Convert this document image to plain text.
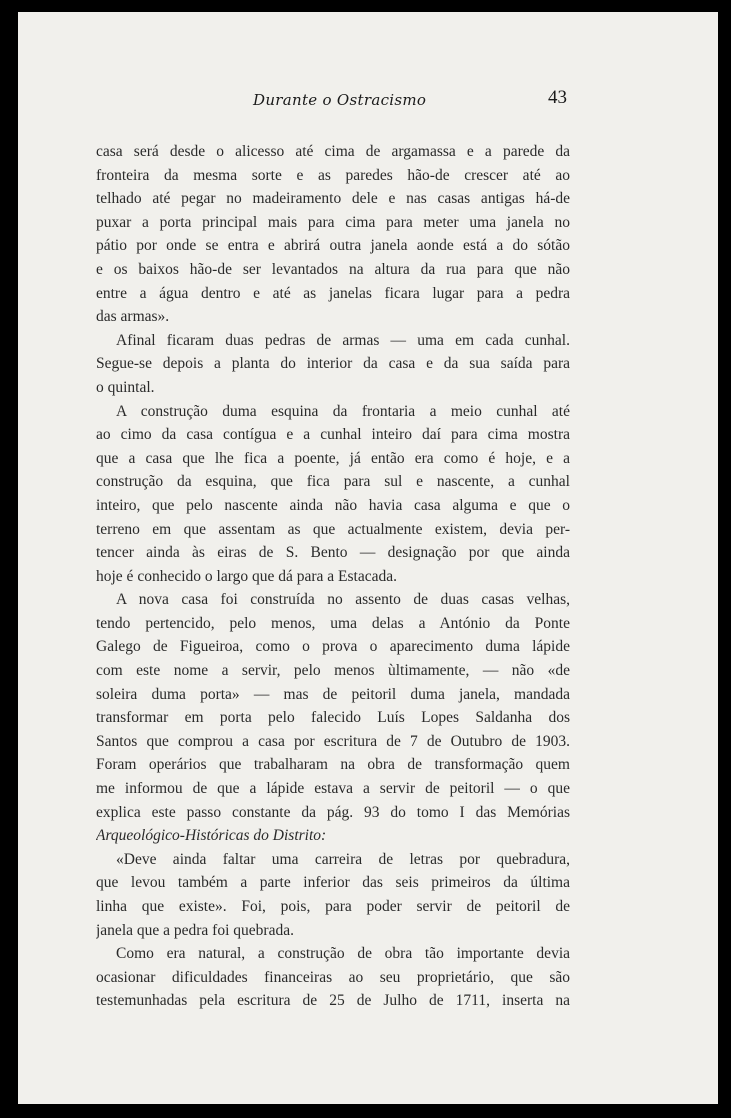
Durante o Ostracismo	43
casa será desde o alicesso até cima de argamassa e a parede da
fronteira da mesma sorte e as paredes hão-de crescer até ao
telhado até pegar no madeiramento dele e nas casas antigas há-de
puxar a porta principal mais para cima para meter uma janela no
pátio por onde se entra e abrirá outra janela aonde está a do sótão
e os baixos hão-de ser levantados na altura da rua para que não
entre a água dentro e até as janelas ficara lugar para a pedra
das armas».
Afinal ficaram duas pedras de armas — uma em cada cunhal.
Segue-se depois a planta do interior da casa e da sua saída para
o quintal.
A construção duma esquina da frontaria a meio cunhal até
ao cimo da casa contígua e a cunhal inteiro daí para cima mostra
que a casa que lhe fica a poente, já então era como é hoje, e a
construção da esquina, que fica para sul e nascente, a cunhal
inteiro, que pelo nascente ainda não havia casa alguma e que o
terreno em que assentam as que actualmente existem, devia per-
tencer ainda às eiras de S. Bento — designação por que ainda
hoje é conhecido o largo que dá para a Estacada.
A nova casa foi construída no assento de duas casas velhas,
tendo pertencido, pelo menos, uma delas a António da Ponte
Galego de Figueiroa, como o prova o aparecimento duma lápide
com este nome a servir, pelo menos ùltimamente, — não «de
soleira duma porta» — mas de peitoril duma janela, mandada
transformar em porta pelo falecido Luís Lopes Saldanha dos
Santos que comprou a casa por escritura de 7 de Outubro de 1903.
Foram operários que trabalharam na obra de transformação quem
me informou de que a lápide estava a servir de peitoril — o que
explica este passo constante da pág. 93 do tomo I das Memórias
Arqueológico-Históricas do Distrito:
«Deve ainda faltar uma carreira de letras por quebradura,
que levou também a parte inferior das seis primeiros da última
linha que existe». Foi, pois, para poder servir de peitoril de
janela que a pedra foi quebrada.
Como era natural, a construção de obra tão importante devia
ocasionar dificuldades financeiras ao seu proprietário, que são
testemunhadas pela escritura de 25 de Julho de 1711, inserta na
